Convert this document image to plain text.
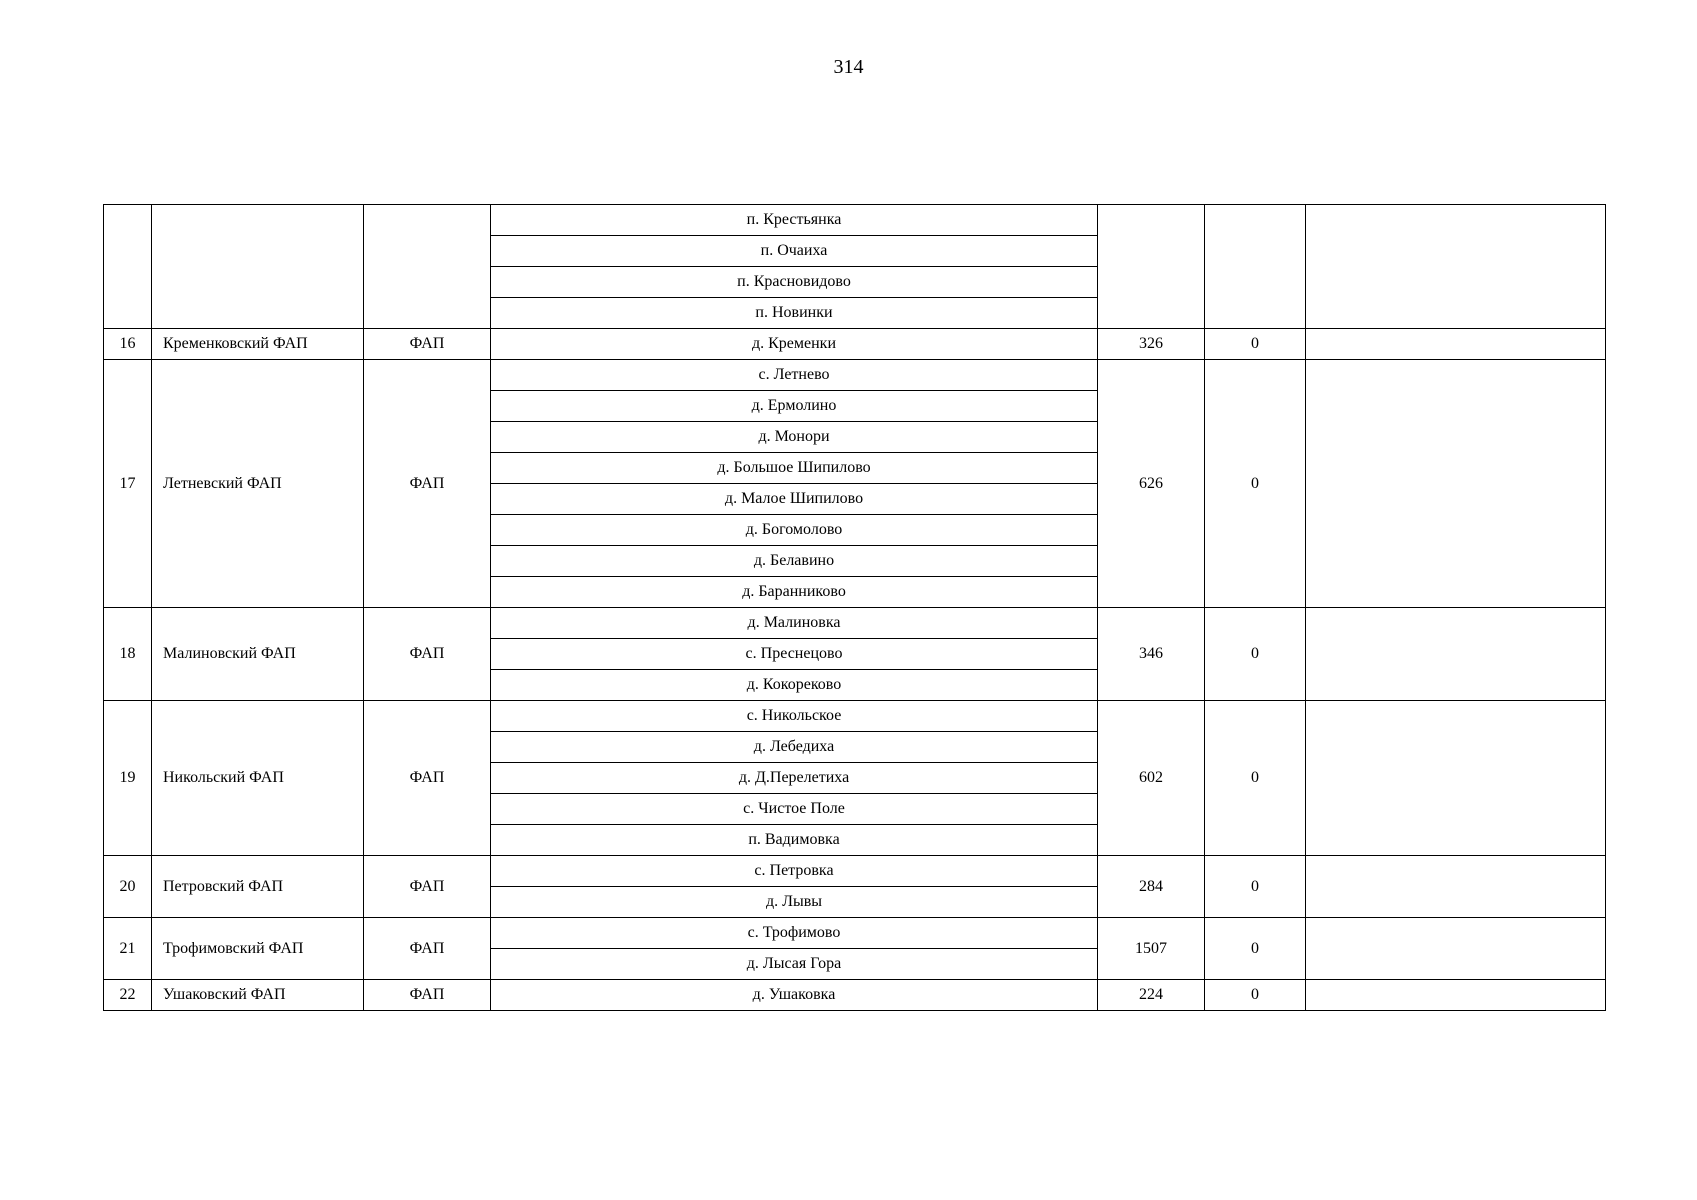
314
			п. Крестьянка			
			п. Очаиха			
			п. Красновидово			
			п. Новинки			
16	Кременковский ФАП	ФАП	д. Кременки	326	0	
17	Летневский ФАП	ФАП	с. Летнево	626	0	
			д. Ермолино			
			д. Монори			
			д. Большое Шипилово			
			д. Малое Шипилово			
			д. Богомолово			
			д. Белавино			
			д. Баранниково			
18	Малиновский ФАП	ФАП	д. Малиновка	346	0	
			с. Преснецово			
			д. Кокореково			
19	Никольский ФАП	ФАП	с. Никольское	602	0	
			д. Лебедиха			
			д. Д.Перелетиха			
			с. Чистое Поле			
			п. Вадимовка			
20	Петровский ФАП	ФАП	с. Петровка	284	0	
			д. Лывы			
21	Трофимовский ФАП	ФАП	с. Трофимово	1507	0	
			д. Лысая Гора			
22	Ушаковский ФАП	ФАП	д. Ушаковка	224	0	
